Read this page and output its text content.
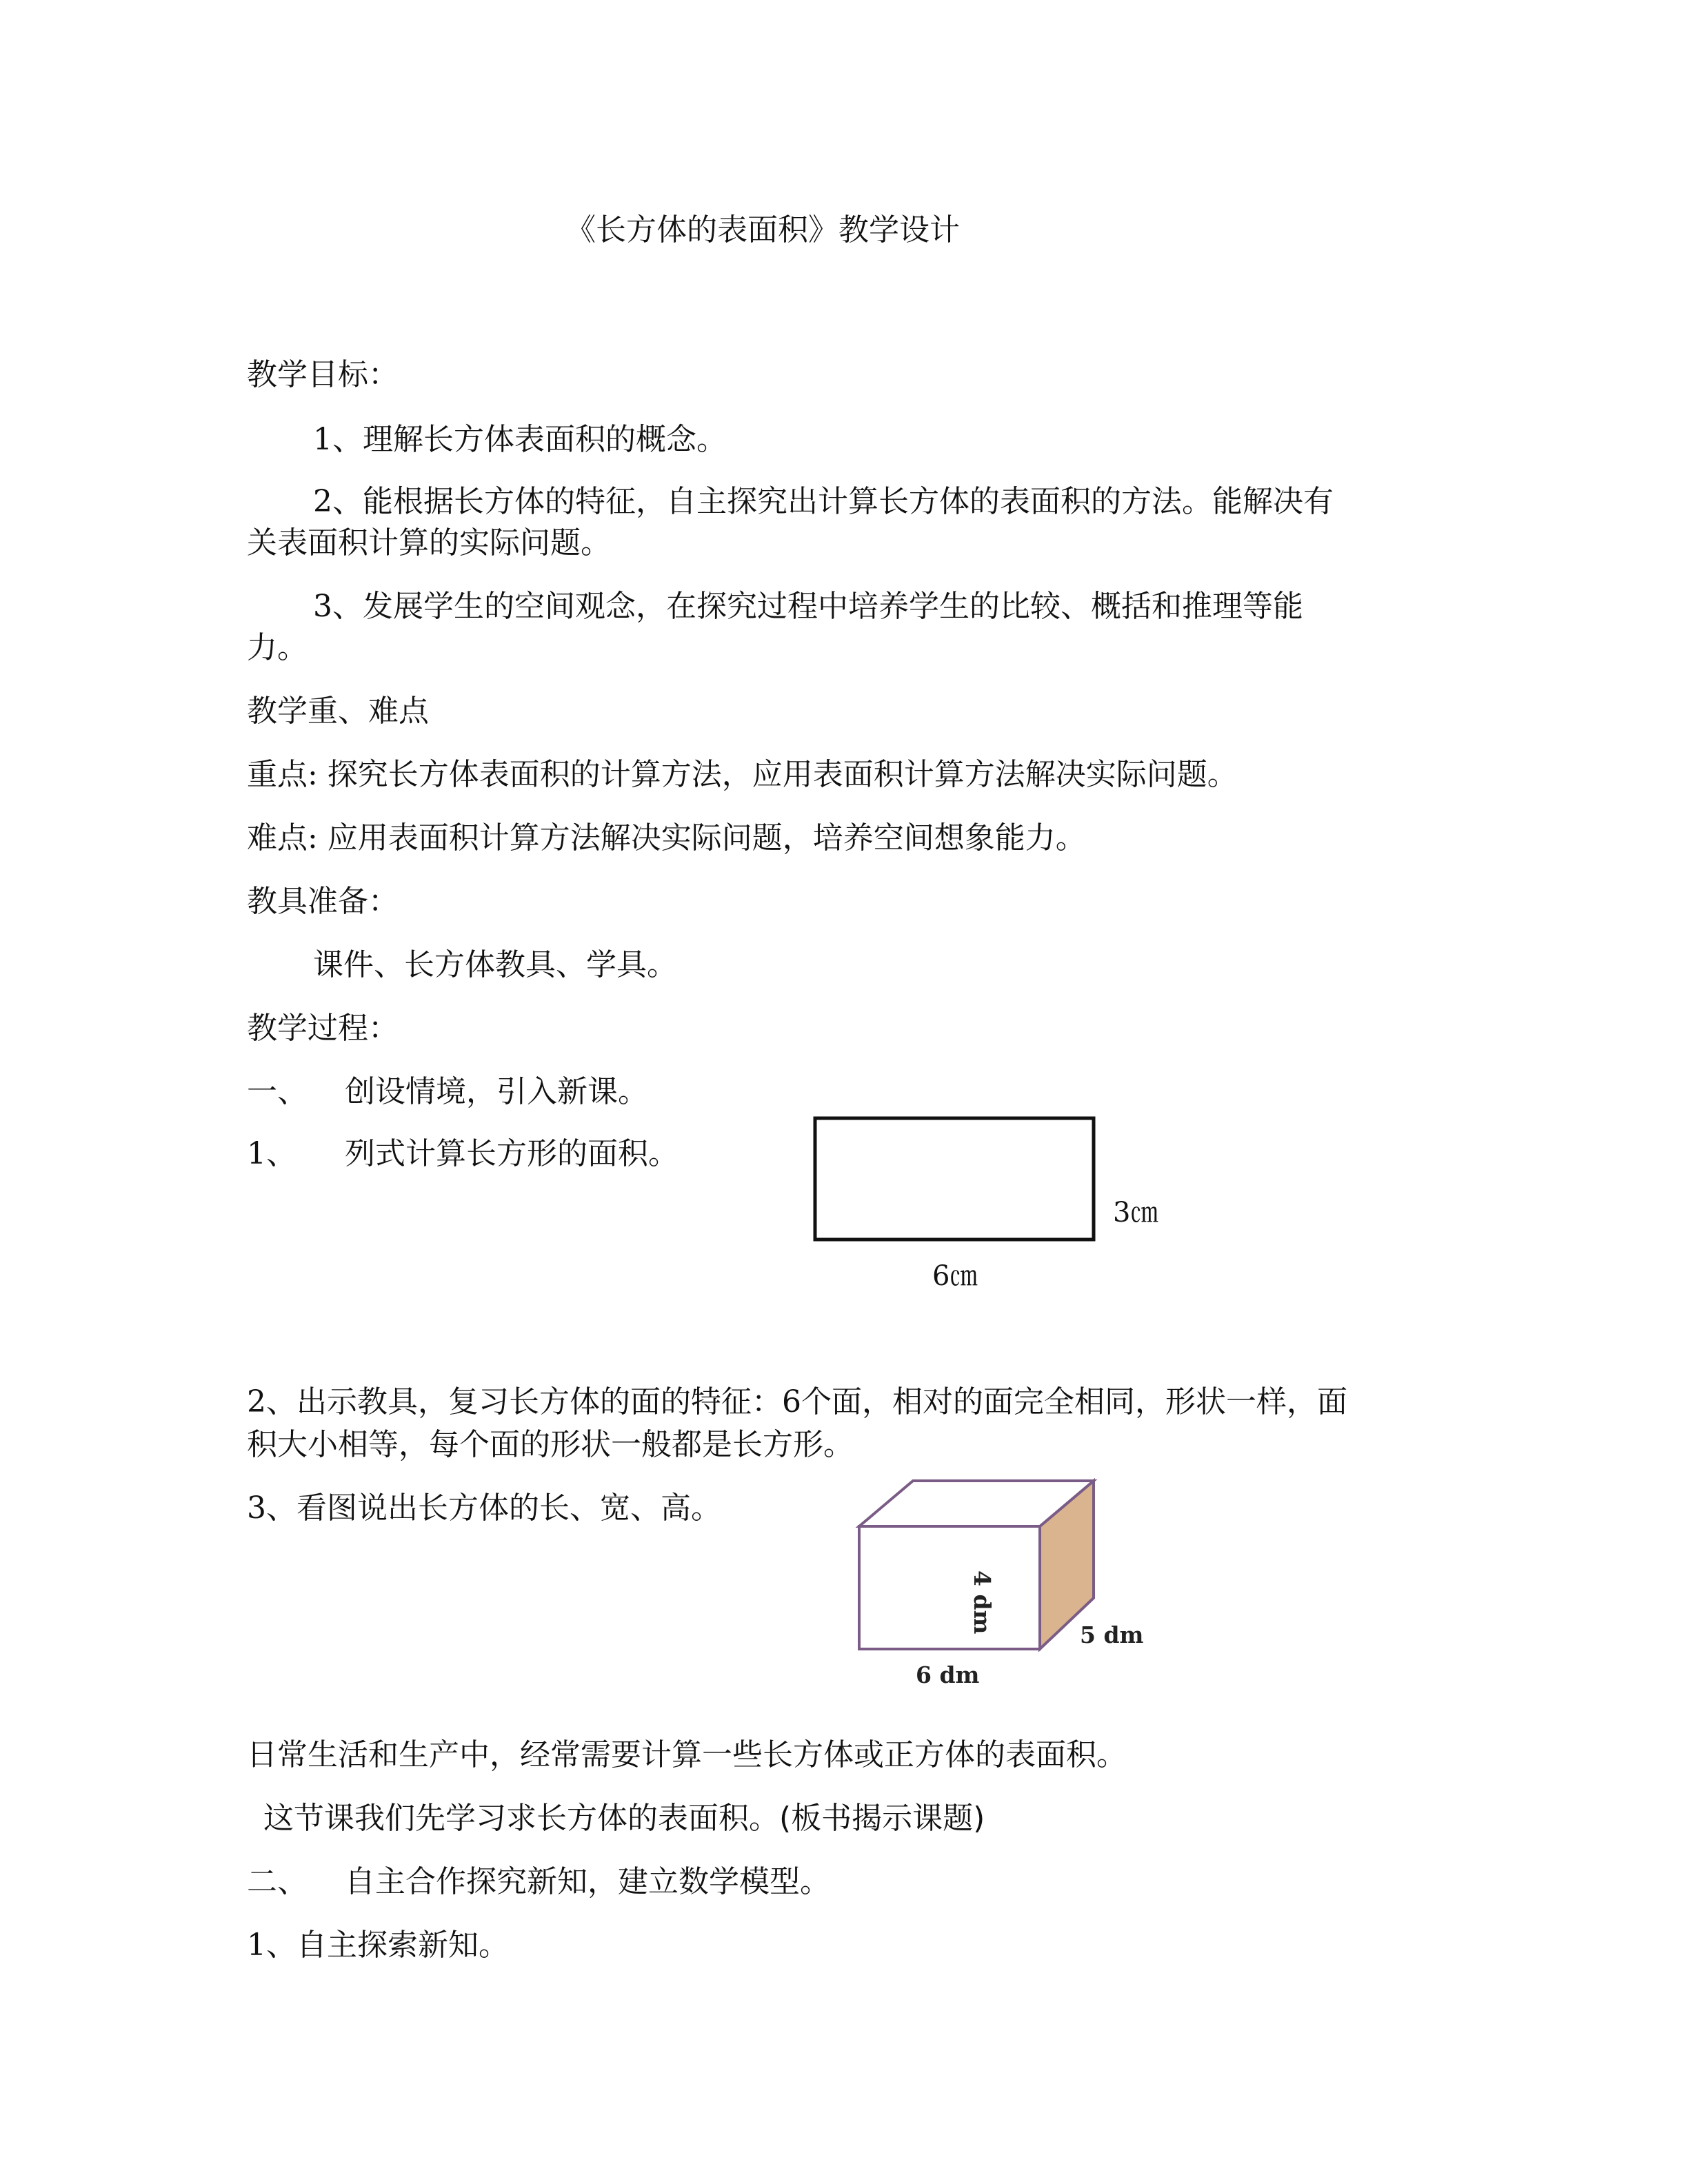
《长方体的表面积》教学设计
教学目标：
1、理解长方体表面积的概念。
2、能根据长方体的特征，自主探究出计算长方体的表面积的方法。能解决有
关表面积计算的实际问题。
3、发展学生的空间观念，在探究过程中培养学生的比较、概括和推理等能
力。
教学重、难点
重点: 探究长方体表面积的计算方法，应用表面积计算方法解决实际问题。
难点: 应用表面积计算方法解决实际问题，培养空间想象能力。
教具准备：
课件、长方体教具、学具。
教学过程：
一、 创设情境，引入新课。
1、 列式计算长方形的面积。
3㎝
6㎝
2、出示教具，复习长方体的面的特征：6个面，相对的面完全相同，形状一样，面
积大小相等，每个面的形状一般都是长方形。
3、看图说出长方体的长、宽、高。
4 dm
5 dm
6 dm
日常生活和生产中，经常需要计算一些长方体或正方体的表面积。
这节课我们先学习求长方体的表面积。(板书揭示课题)
二、 自主合作探究新知，建立数学模型。
1、自主探索新知。
